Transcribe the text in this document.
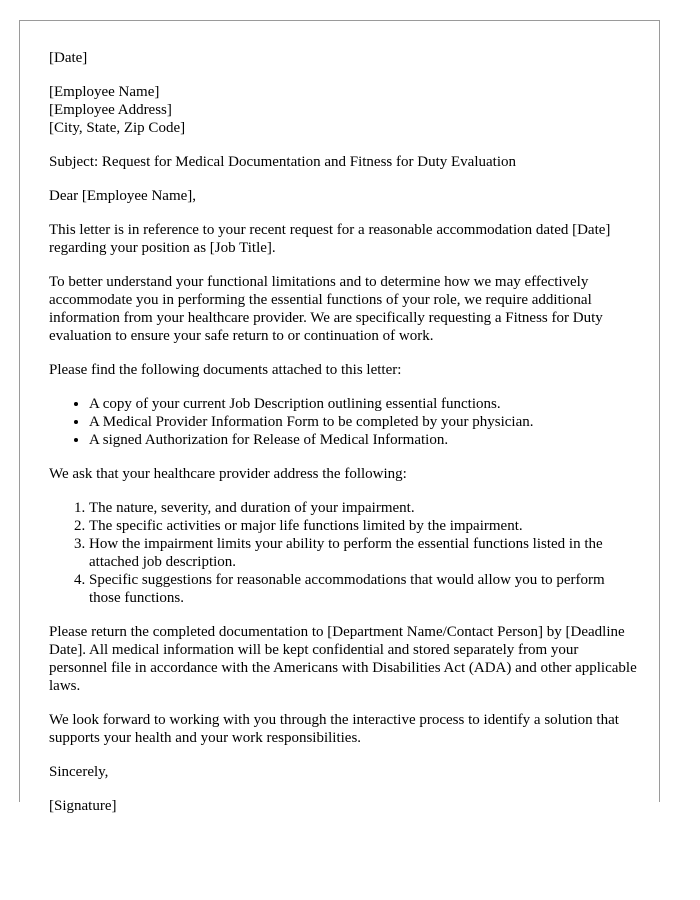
[Date]
[Employee Name]
[Employee Address]
[City, State, Zip Code]
Subject: Request for Medical Documentation and Fitness for Duty Evaluation
Dear [Employee Name],
This letter is in reference to your recent request for a reasonable accommodation dated [Date] regarding your position as [Job Title].
To better understand your functional limitations and to determine how we may effectively accommodate you in performing the essential functions of your role, we require additional information from your healthcare provider. We are specifically requesting a Fitness for Duty evaluation to ensure your safe return to or continuation of work.
Please find the following documents attached to this letter:
• A copy of your current Job Description outlining essential functions.
• A Medical Provider Information Form to be completed by your physician.
• A signed Authorization for Release of Medical Information.
We ask that your healthcare provider address the following:
1. The nature, severity, and duration of your impairment.
2. The specific activities or major life functions limited by the impairment.
3. How the impairment limits your ability to perform the essential functions listed in the attached job description.
4. Specific suggestions for reasonable accommodations that would allow you to perform those functions.
Please return the completed documentation to [Department Name/Contact Person] by [Deadline Date]. All medical information will be kept confidential and stored separately from your personnel file in accordance with the Americans with Disabilities Act (ADA) and other applicable laws.
We look forward to working with you through the interactive process to identify a solution that supports your health and your work responsibilities.
Sincerely,
[Signature]
